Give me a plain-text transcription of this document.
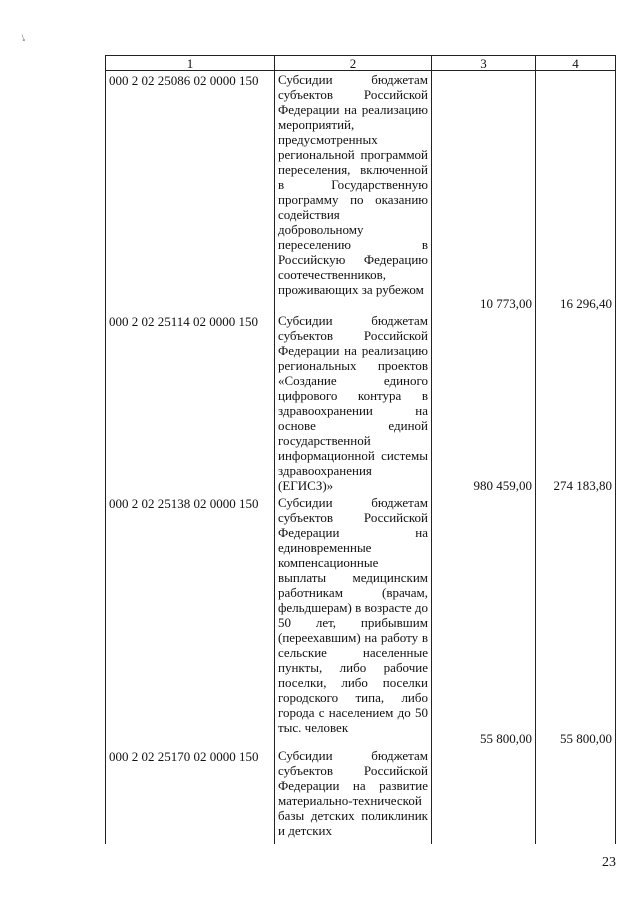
↓
1	2	3	4
000 2 02 25086 02 0000 150	Субсидии бюджетам субъектов Российской Федерации на реализацию мероприятий, предусмотренных региональной программой переселения, включенной в Государственную программу по оказанию содействия добровольному переселению в Российскую Федерацию соотечественников, проживающих за рубежом	10 773,00	16 296,40
000 2 02 25114 02 0000 150	Субсидии бюджетам субъектов Российской Федерации на реализацию региональных проектов «Создание единого цифрового контура в здравоохранении на основе единой государственной информационной системы здравоохранения (ЕГИСЗ)»	980 459,00	274 183,80
000 2 02 25138 02 0000 150	Субсидии бюджетам субъектов Российской Федерации на единовременные компенсационные выплаты медицинским работникам (врачам, фельдшерам) в возрасте до 50 лет, прибывшим (переехавшим) на работу в сельские населенные пункты, либо рабочие поселки, либо поселки городского типа, либо города с населением до 50 тыс. человек	55 800,00	55 800,00
000 2 02 25170 02 0000 150	Субсидии бюджетам субъектов Российской Федерации на развитие материально-технической базы детских поликлиник и детских		
23
